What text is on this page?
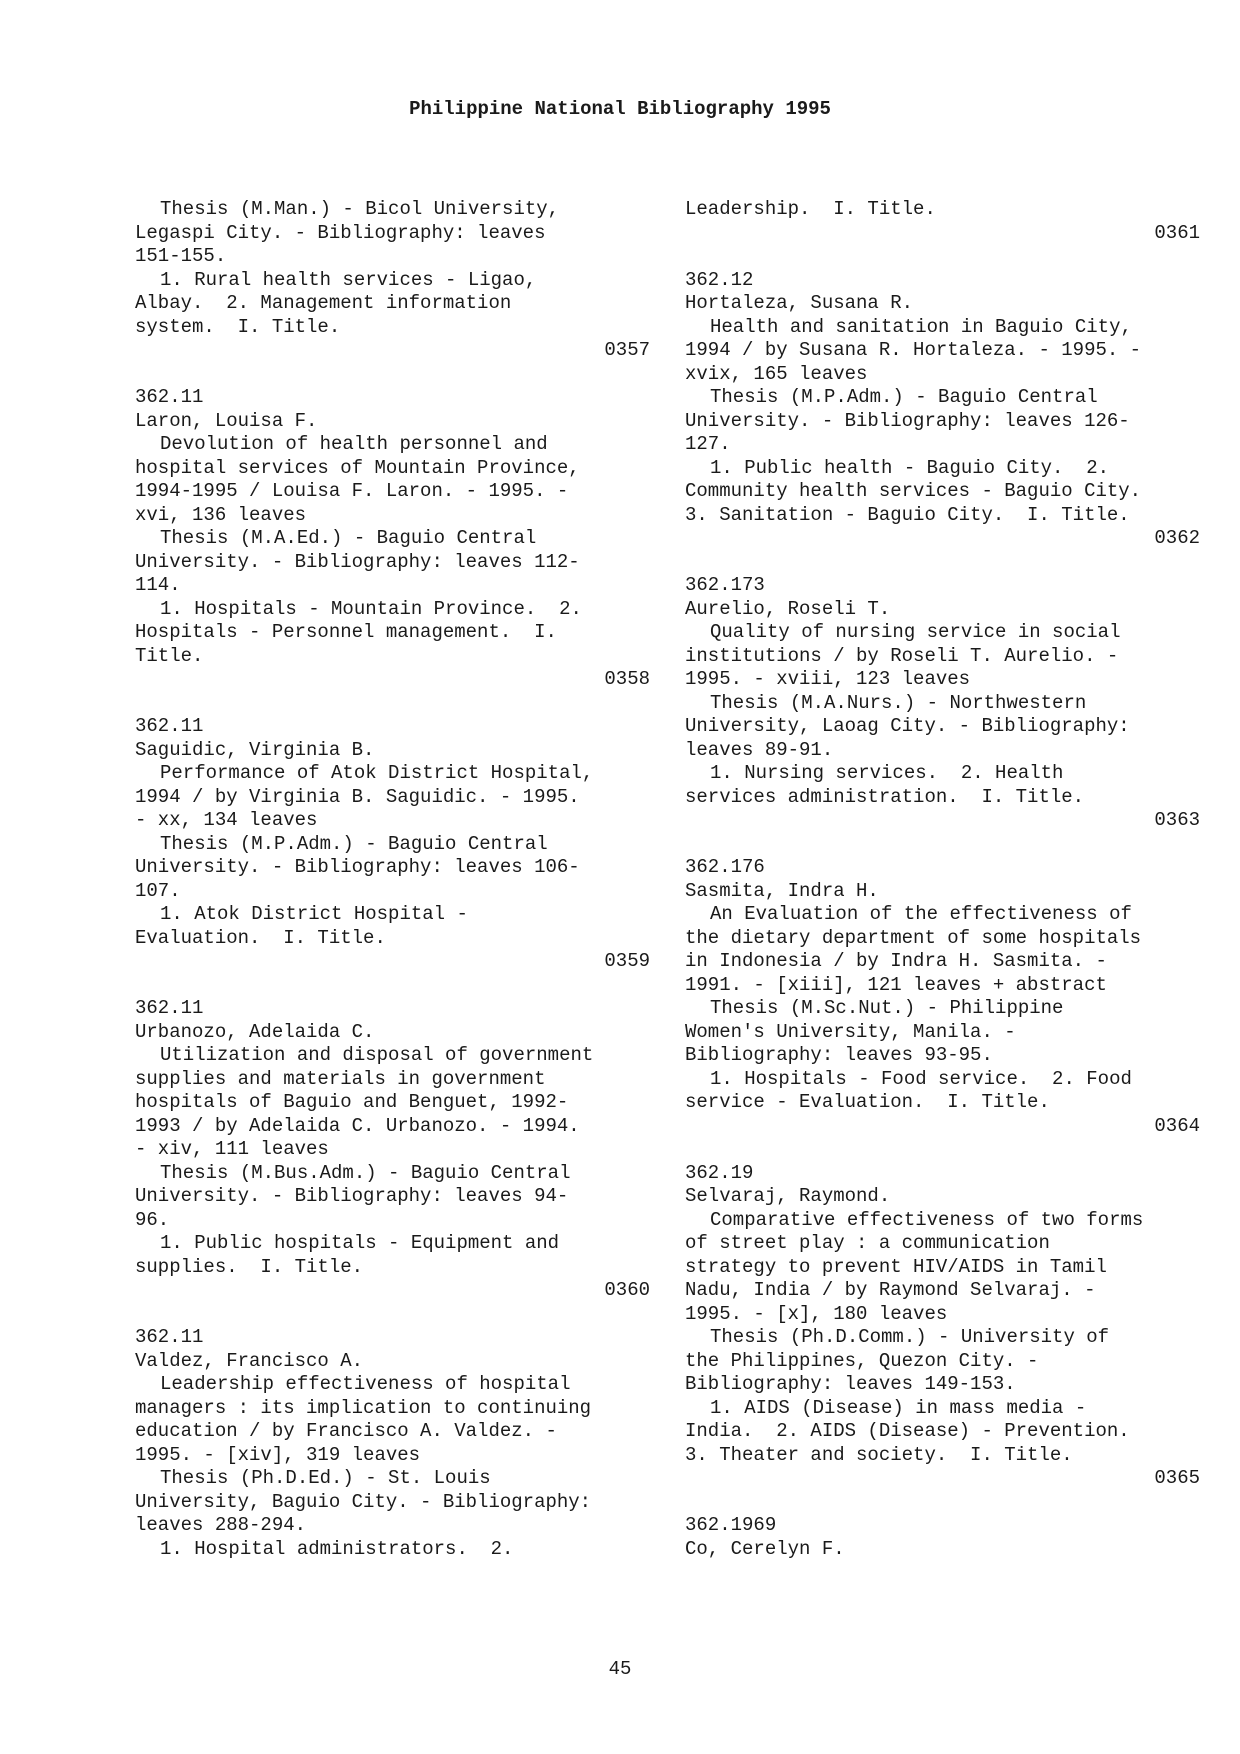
Philippine National Bibliography 1995
Thesis (M.Man.) - Bicol University,
Legaspi City. - Bibliography: leaves
151-155.
1. Rural health services - Ligao,
Albay.  2. Management information
system.  I. Title.
0357
362.11
Laron, Louisa F.
Devolution of health personnel and
hospital services of Mountain Province,
1994-1995 / Louisa F. Laron. - 1995. -
xvi, 136 leaves
Thesis (M.A.Ed.) - Baguio Central
University. - Bibliography: leaves 112-
114.
1. Hospitals - Mountain Province.  2.
Hospitals - Personnel management.  I.
Title.
0358
362.11
Saguidic, Virginia B.
Performance of Atok District Hospital,
1994 / by Virginia B. Saguidic. - 1995.
- xx, 134 leaves
Thesis (M.P.Adm.) - Baguio Central
University. - Bibliography: leaves 106-
107.
1. Atok District Hospital -
Evaluation.  I. Title.
0359
362.11
Urbanozo, Adelaida C.
Utilization and disposal of government
supplies and materials in government
hospitals of Baguio and Benguet, 1992-
1993 / by Adelaida C. Urbanozo. - 1994.
- xiv, 111 leaves
Thesis (M.Bus.Adm.) - Baguio Central
University. - Bibliography: leaves 94-
96.
1. Public hospitals - Equipment and
supplies.  I. Title.
0360
362.11
Valdez, Francisco A.
Leadership effectiveness of hospital
managers : its implication to continuing
education / by Francisco A. Valdez. -
1995. - [xiv], 319 leaves
Thesis (Ph.D.Ed.) - St. Louis
University, Baguio City. - Bibliography:
leaves 288-294.
1. Hospital administrators.  2.
Leadership.  I. Title.
0361
362.12
Hortaleza, Susana R.
Health and sanitation in Baguio City,
1994 / by Susana R. Hortaleza. - 1995. -
xvix, 165 leaves
Thesis (M.P.Adm.) - Baguio Central
University. - Bibliography: leaves 126-
127.
1. Public health - Baguio City.  2.
Community health services - Baguio City.
3. Sanitation - Baguio City.  I. Title.
0362
362.173
Aurelio, Roseli T.
Quality of nursing service in social
institutions / by Roseli T. Aurelio. -
1995. - xviii, 123 leaves
Thesis (M.A.Nurs.) - Northwestern
University, Laoag City. - Bibliography:
leaves 89-91.
1. Nursing services.  2. Health
services administration.  I. Title.
0363
362.176
Sasmita, Indra H.
An Evaluation of the effectiveness of
the dietary department of some hospitals
in Indonesia / by Indra H. Sasmita. -
1991. - [xiii], 121 leaves + abstract
Thesis (M.Sc.Nut.) - Philippine
Women's University, Manila. -
Bibliography: leaves 93-95.
1. Hospitals - Food service.  2. Food
service - Evaluation.  I. Title.
0364
362.19
Selvaraj, Raymond.
Comparative effectiveness of two forms
of street play : a communication
strategy to prevent HIV/AIDS in Tamil
Nadu, India / by Raymond Selvaraj. -
1995. - [x], 180 leaves
Thesis (Ph.D.Comm.) - University of
the Philippines, Quezon City. -
Bibliography: leaves 149-153.
1. AIDS (Disease) in mass media -
India.  2. AIDS (Disease) - Prevention.
3. Theater and society.  I. Title.
0365
362.1969
Co, Cerelyn F.
45
